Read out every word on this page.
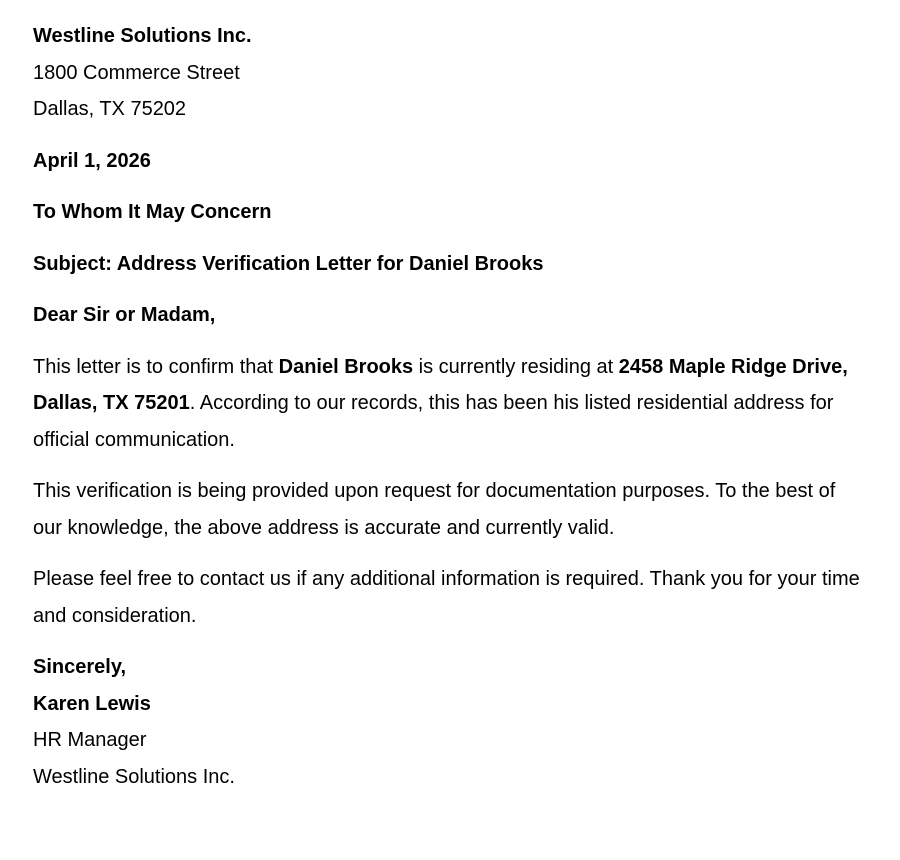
Westline Solutions Inc.

1800 Commerce Street

Dallas, TX 75202

April 1, 2026

To Whom It May Concern

Subject: Address Verification Letter for Daniel Brooks

Dear Sir or Madam,

This letter is to confirm that Daniel Brooks is currently residing at 2458 Maple Ridge Drive, Dallas, TX 75201. According to our records, this has been his listed residential address for official communication.

This verification is being provided upon request for documentation purposes. To the best of our knowledge, the above address is accurate and currently valid.

Please feel free to contact us if any additional information is required. Thank you for your time and consideration.

Sincerely,

Karen Lewis

HR Manager

Westline Solutions Inc.
